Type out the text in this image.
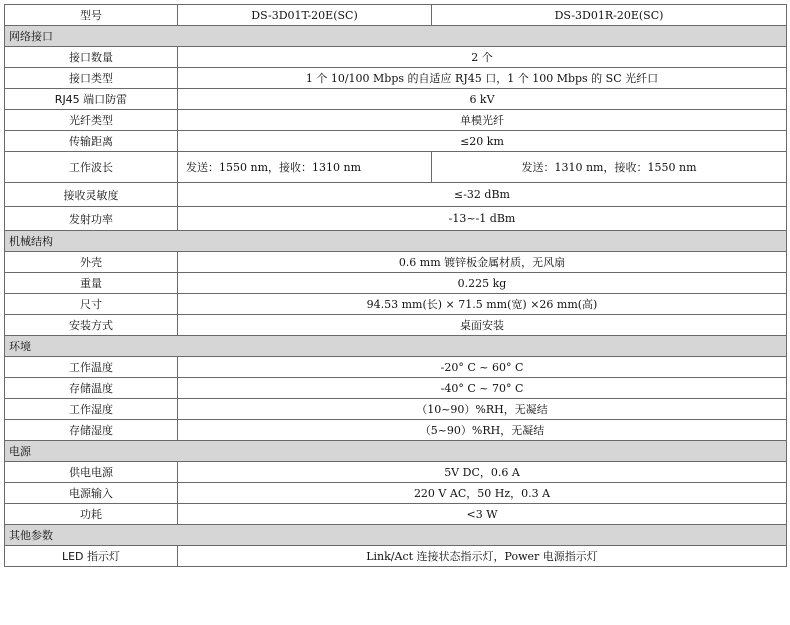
型号	DS-3D01T-20E(SC)	DS-3D01R-20E(SC)
网络接口		
接口数量	2 个	
接口类型	1 个 10/100 Mbps 的自适应 RJ45 口，1 个 100 Mbps 的 SC 光纤口	
RJ45 端口防雷	6 kV	
光纤类型	单模光纤	
传输距离	≤20 km	
工作波长	发送：1550 nm，接收：1310 nm	发送：1310 nm，接收：1550 nm
接收灵敏度	≤-32 dBm	
发射功率	-13~-1 dBm	
机械结构		
外壳	0.6 mm 镀锌板金属材质，无风扇	
重量	0.225 kg	
尺寸	94.53 mm(长) × 71.5 mm(宽) ×26 mm(高)	
安装方式	桌面安装	
环境		
工作温度	-20° C ~ 60° C	
存储温度	-40° C ~ 70° C	
工作湿度	（10~90）%RH，无凝结	
存储湿度	（5~90）%RH，无凝结	
电源		
供电电源	5V DC，0.6 A	
电源输入	220 V AC，50 Hz，0.3 A	
功耗	<3 W	
其他参数		
LED 指示灯	Link/Act 连接状态指示灯，Power 电源指示灯	
